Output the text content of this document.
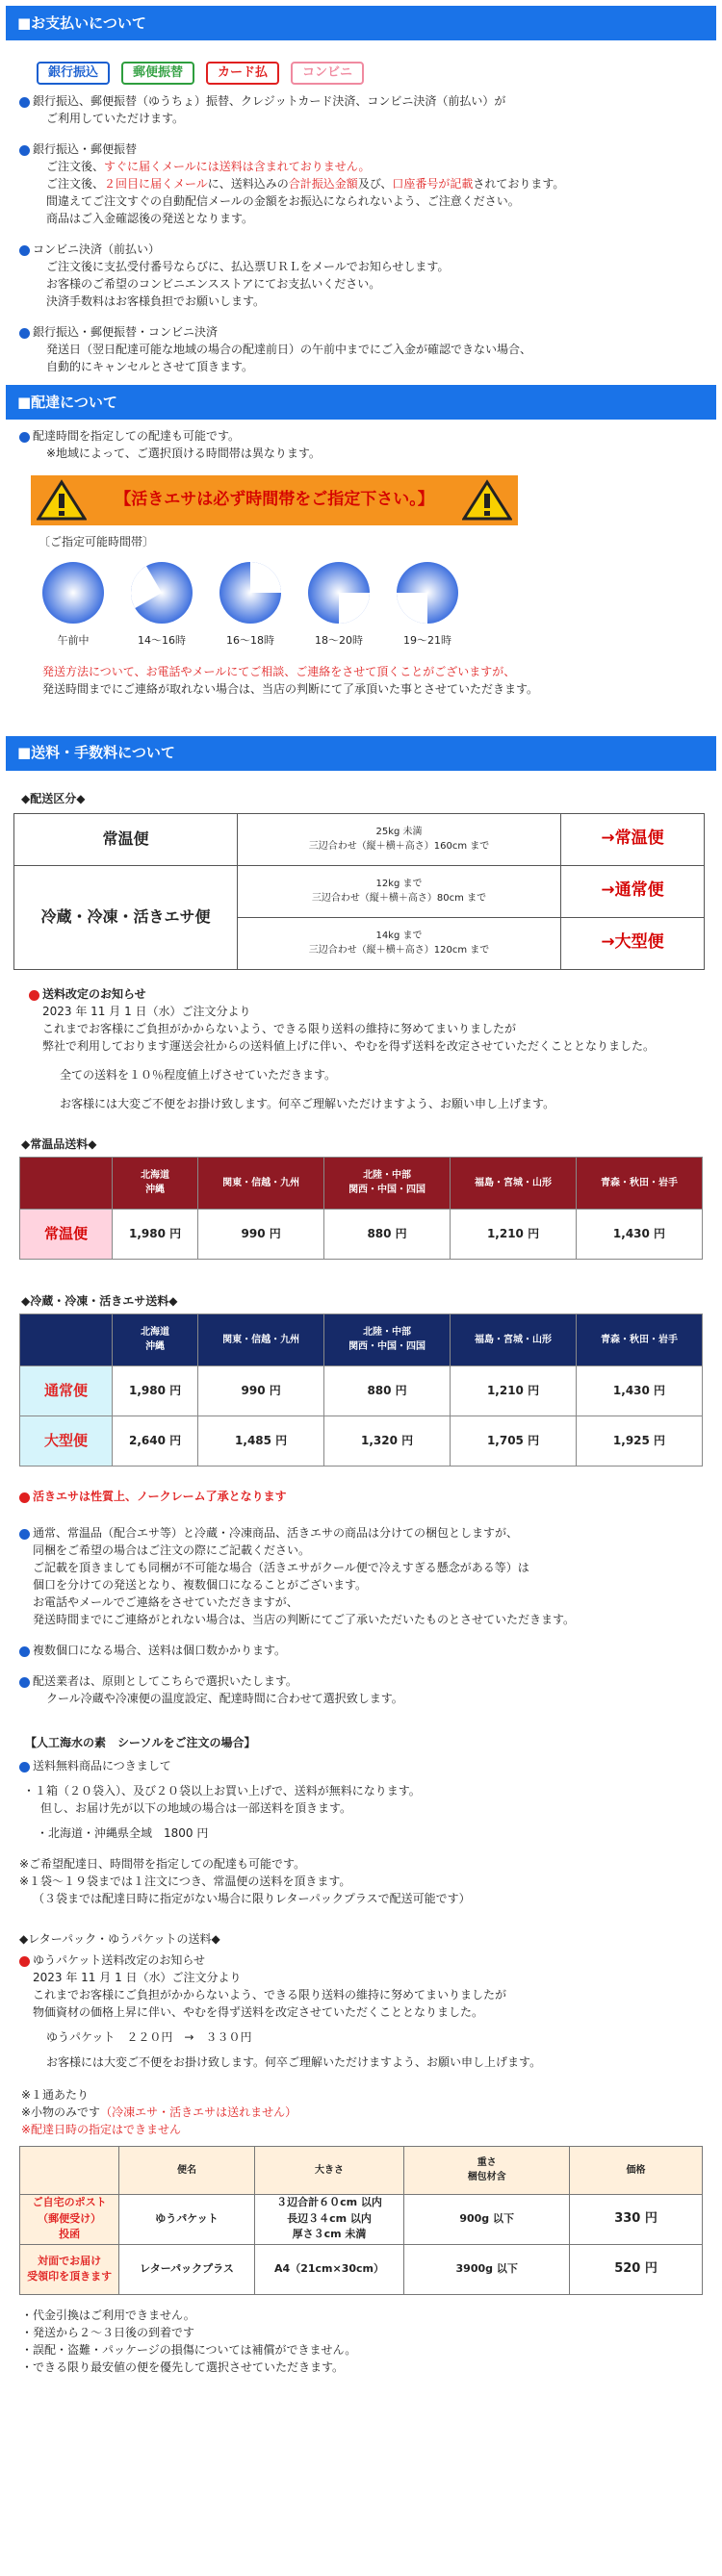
■お支払いについて
銀行振込	郵便振替	カード払	コンビニ
銀行振込、郵便振替（ゆうちょ）振替、クレジットカード決済、コンビニ決済（前払い）が
ご利用していただけます。
銀行振込・郵便振替
ご注文後、すぐに届くメールには送料は含まれておりません。
ご注文後、２回目に届くメールに、送料込みの合計振込金額及び、口座番号が記載されております。
間違えてご注文すぐの自動配信メールの金額をお振込になられないよう、ご注意ください。
商品はご入金確認後の発送となります。
コンビニ決済（前払い）
ご注文後に支払受付番号ならびに、払込票ＵＲＬをメールでお知らせします。
お客様のご希望のコンビニエンスストアにてお支払いください。
決済手数料はお客様負担でお願いします。
銀行振込・郵便振替・コンビニ決済
発送日（翌日配達可能な地域の場合の配達前日）の午前中までにご入金が確認できない場合、
自動的にキャンセルとさせて頂きます。
■配達について
配達時間を指定しての配達も可能です。
※地域によって、ご選択頂ける時間帯は異なります。
【活きエサは必ず時間帯をご指定下さい。】
〔ご指定可能時間帯〕
午前中	14〜16時	16〜18時	18〜20時	19〜21時
発送方法について、お電話やメールにてご相談、ご連絡をさせて頂くことがございますが、
発送時間までにご連絡が取れない場合は、当店の判断にて了承頂いた事とさせていただきます。
■送料・手数料について
◆配送区分◆
常温便	25kg 未満
三辺合わせ（縦＋横＋高さ）160cm まで	→常温便
冷蔵・冷凍・活きエサ便	12kg まで
三辺合わせ（縦＋横＋高さ）80cm まで	→通常便

	14kg まで
三辺合わせ（縦＋横＋高さ）120cm まで	→大型便
送料改定のお知らせ
2023 年 11 月 1 日（水）ご注文分より
これまでお客様にご負担がかからないよう、できる限り送料の維持に努めてまいりましたが
弊社で利用しております運送会社からの送料値上げに伴い、やむを得ず送料を改定させていただくこととなりました。
全ての送料を１０％程度値上げさせていただきます。
お客様には大変ご不便をお掛け致します。何卒ご理解いただけますよう、お願い申し上げます。
◆常温品送料◆
	北海道
沖縄	関東・信越・九州	北陸・中部
関西・中国・四国	福島・宮城・山形	青森・秋田・岩手
常温便	1,980 円	990 円	880 円	1,210 円	1,430 円
◆冷蔵・冷凍・活きエサ送料◆
	北海道
沖縄	関東・信越・九州	北陸・中部
関西・中国・四国	福島・宮城・山形	青森・秋田・岩手
通常便	1,980 円	990 円	880 円	1,210 円	1,430 円
大型便	2,640 円	1,485 円	1,320 円	1,705 円	1,925 円
活きエサは性質上、ノークレーム了承となります
通常、常温品（配合エサ等）と冷蔵・冷凍商品、活きエサの商品は分けての梱包としますが、
同梱をご希望の場合はご注文の際にご記載ください。
ご記載を頂きましても同梱が不可能な場合（活きエサがクール便で冷えすぎる懸念がある等）は
個口を分けての発送となり、複数個口になることがございます。
お電話やメールでご連絡をさせていただきますが、
発送時間までにご連絡がとれない場合は、当店の判断にてご了承いただいたものとさせていただきます。
複数個口になる場合、送料は個口数かかります。
配送業者は、原則としてこちらで選択いたします。
クール冷蔵や冷凍便の温度設定、配達時間に合わせて選択致します。
【人工海水の素　シーソルをご注文の場合】
送料無料商品につきまして
・１箱（２０袋入）、及び２０袋以上お買い上げで、送料が無料になります。
但し、お届け先が以下の地域の場合は一部送料を頂きます。
・北海道・沖縄県全域　1800 円
※ご希望配達日、時間帯を指定しての配達も可能です。
※１袋～１９袋までは１注文につき、常温便の送料を頂きます。
（３袋までは配達日時に指定がない場合に限りレターパックプラスで配送可能です）
◆レターパック・ゆうパケットの送料◆
ゆうパケット送料改定のお知らせ
2023 年 11 月 1 日（水）ご注文分より
これまでお客様にご負担がかからないよう、できる限り送料の維持に努めてまいりましたが
物価資材の価格上昇に伴い、やむを得ず送料を改定させていただくこととなりました。
ゆうパケット　２２０円　→　３３０円
お客様には大変ご不便をお掛け致します。何卒ご理解いただけますよう、お願い申し上げます。
※１通あたり
※小物のみです（冷凍エサ・活きエサは送れません）
※配達日時の指定はできません
	便名	大きさ	重さ
梱包材含	価格
ご自宅のポスト
（郵便受け）
投函	ゆうパケット	３辺合計６０cm 以内
長辺３４cm 以内
厚さ３cm 未満	900g 以下	330 円
対面でお届け
受領印を頂きます	レターパックプラス	A4（21cm×30cm）	3900g 以下	520 円
・代金引換はご利用できません。
・発送から２～３日後の到着です
・誤配・盗難・パッケージの損傷については補償ができません。
・できる限り最安値の便を優先して選択させていただきます。
